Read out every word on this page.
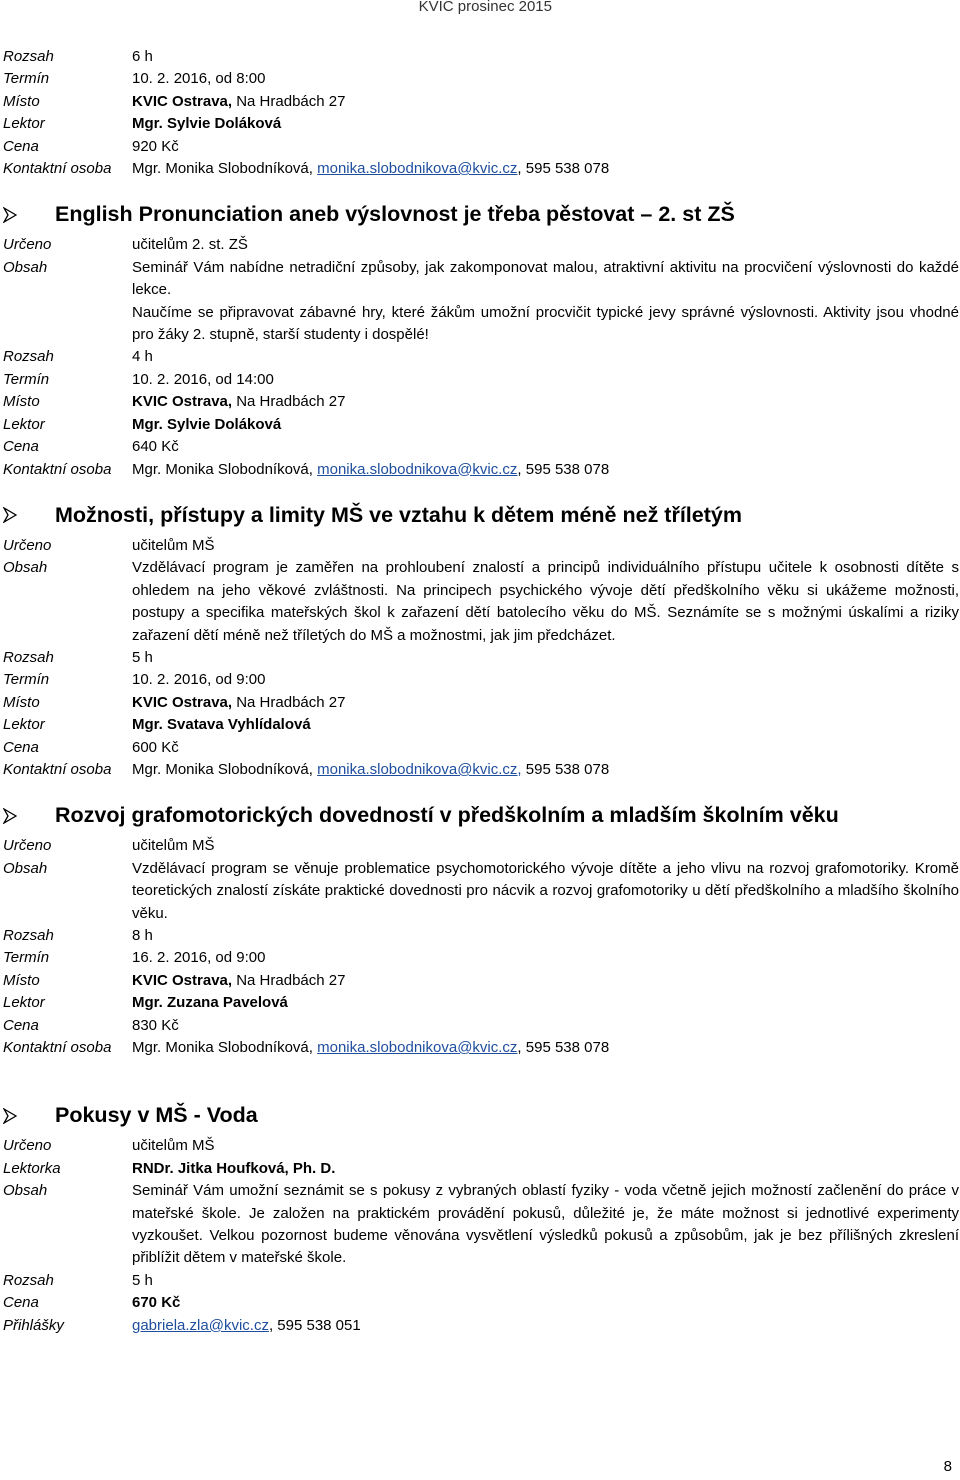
KVIC prosinec 2015
Rozsah	6 h
Termín	10. 2. 2016, od 8:00
Místo	KVIC Ostrava, Na Hradbách 27
Lektor	Mgr. Sylvie Doláková
Cena	920 Kč
Kontaktní osoba	Mgr. Monika Slobodníková, monika.slobodnikova@kvic.cz, 595 538 078
English Pronunciation aneb výslovnost je třeba pěstovat – 2. st ZŠ
Určeno	učitelům 2. st. ZŠ
Obsah	Seminář Vám nabídne netradiční způsoby, jak zakomponovat malou, atraktivní aktivitu na procvičení výslovnosti do každé lekce.
Naučíme se připravovat zábavné hry, které žákům umožní procvičit typické jevy správné výslovnosti. Aktivity jsou vhodné pro žáky 2. stupně, starší studenty i dospělé!
Rozsah	4 h
Termín	10. 2. 2016, od 14:00
Místo	KVIC Ostrava, Na Hradbách 27
Lektor	Mgr. Sylvie Doláková
Cena	640 Kč
Kontaktní osoba	Mgr. Monika Slobodníková, monika.slobodnikova@kvic.cz, 595 538 078
Možnosti, přístupy a limity MŠ ve vztahu k dětem méně než tříletým
Určeno	učitelům MŠ
Obsah	Vzdělávací program je zaměřen na prohloubení znalostí a principů individuálního přístupu učitele k osobnosti dítěte s ohledem na jeho věkové zvláštnosti. Na principech psychického vývoje dětí předškolního věku si ukážeme možnosti, postupy a specifika mateřských škol k zařazení dětí batolecího věku do MŠ. Seznámíte se s možnými úskalími a riziky zařazení dětí méně než tříletých do MŠ a možnostmi, jak jim předcházet.
Rozsah	5 h
Termín	10. 2. 2016, od 9:00
Místo	KVIC Ostrava, Na Hradbách 27
Lektor	Mgr. Svatava Vyhlídalová
Cena	600 Kč
Kontaktní osoba	Mgr. Monika Slobodníková, monika.slobodnikova@kvic.cz, 595 538 078
Rozvoj grafomotorických dovedností v předškolním a mladším školním věku
Určeno	učitelům MŠ
Obsah	Vzdělávací program se věnuje problematice psychomotorického vývoje dítěte a jeho vlivu na rozvoj grafomotoriky. Kromě teoretických znalostí získáte praktické dovednosti pro nácvik a rozvoj grafomotoriky u dětí předškolního a mladšího školního věku.
Rozsah	8 h
Termín	16. 2. 2016, od 9:00
Místo	KVIC Ostrava, Na Hradbách 27
Lektor	Mgr. Zuzana Pavelová
Cena	830 Kč
Kontaktní osoba	Mgr. Monika Slobodníková, monika.slobodnikova@kvic.cz, 595 538 078
Pokusy v MŠ - Voda
Určeno	učitelům MŠ
Lektorka	RNDr. Jitka Houfková, Ph. D.
Obsah	Seminář Vám umožní seznámit se s pokusy z vybraných oblastí fyziky - voda včetně jejich možností začlenění do práce v mateřské škole. Je založen na praktickém provádění pokusů, důležité je, že máte možnost si jednotlivé experimenty vyzkoušet. Velkou pozornost budeme věnována vysvětlení výsledků pokusů a způsobům, jak je bez přílišných zkreslení přiblížit dětem v mateřské škole.
Rozsah	5 h
Cena	670 Kč
Přihlášky	gabriela.zla@kvic.cz, 595 538 051
8
